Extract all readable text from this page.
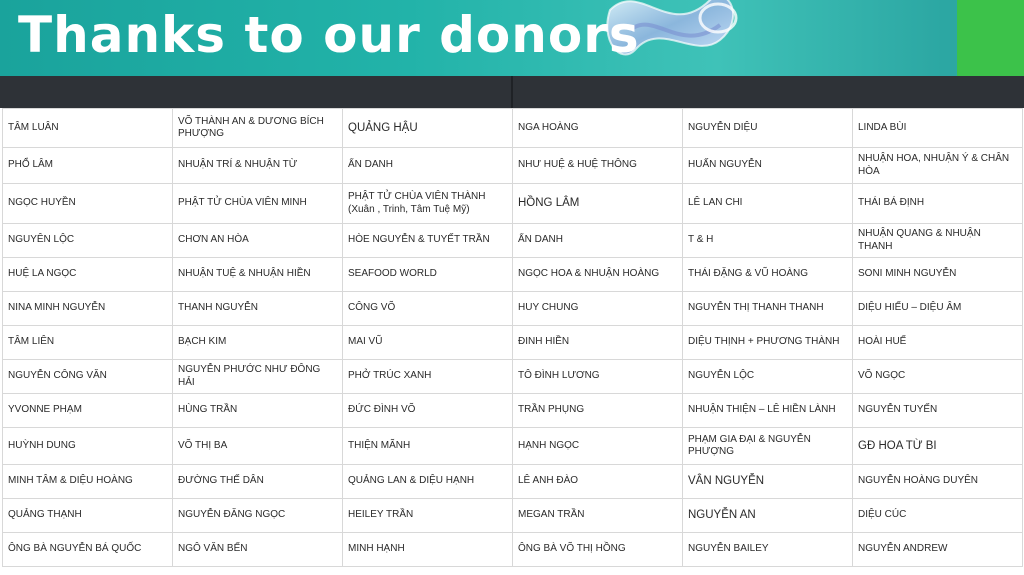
Thanks to our donors
TÂM LUÂN	VÕ THÀNH AN & DƯƠNG BÍCH PHƯỢNG	QUẢNG HẬU	NGA HOÀNG	NGUYỄN DIỆU	LINDA BÙI
PHỔ LÂM	NHUẬN TRÍ & NHUẬN TỪ	ẨN DANH	NHƯ HUỆ & HUỆ THÔNG	HUẤN NGUYỄN	NHUẬN HOA, NHUẬN Ý & CHÂN HÒA
NGỌC HUYỀN	PHẬT TỬ CHÙA VIÊN MINH	PHẬT TỬ CHÙA VIÊN THÀNH (Xuân , Trinh, Tâm Tuệ Mỹ)	HỒNG LÂM	LÊ LAN CHI	THÁI BÁ ĐỊNH
NGUYÊN LỘC	CHƠN AN HÒA	HÒE NGUYỄN & TUYẾT TRẦN	ẨN DANH	T & H	NHUẬN QUANG & NHUẬN THANH
HUỆ LA NGỌC	NHUẬN TUỆ & NHUẬN HIỀN	SEAFOOD WORLD	NGỌC HOA & NHUẬN HOÀNG	THÁI ĐẶNG & VŨ HOÀNG	SONI MINH NGUYỄN
NINA MINH NGUYỄN	THANH NGUYỄN	CÔNG VÕ	HUY CHUNG	NGUYỄN THỊ THANH THANH	DIỆU HIẾU – DIỆU ÂM
TÂM LIÊN	BẠCH KIM	MAI VŨ	ĐINH HIỀN	DIỆU THỊNH + PHƯƠNG THÀNH	HOÀI HUẾ
NGUYỄN CÔNG VĂN	NGUYỄN PHƯỚC NHƯ ĐÔNG HẢI	PHỞ TRÚC XANH	TÔ ĐÌNH LƯƠNG	NGUYỄN LỘC	VÕ NGỌC
YVONNE PHẠM	HÙNG TRẦN	ĐỨC ĐÌNH VÕ	TRẦN PHỤNG	NHUẬN THIỆN – LÊ HIỀN LÀNH	NGUYỄN TUYẾN
HUỲNH DUNG	VÕ THỊ BA	THIỆN MÃNH	HẠNH NGỌC	PHẠM GIA ĐẠI & NGUYỄN PHƯỢNG	GĐ HOA TỪ BI
MINH TÂM & DIỆU HOÀNG	ĐƯỜNG THẾ DÂN	QUẢNG LAN & DIỆU HẠNH	LÊ ANH ĐÀO	VÂN NGUYỄN	NGUYỄN HOÀNG DUYÊN
QUẢNG THẠNH	NGUYỄN ĐĂNG NGỌC	HEILEY TRẦN	MEGAN TRẦN	NGUYỄN AN	DIỆU CÚC
ÔNG BÀ NGUYỄN BÁ QUỐC	NGÔ VĂN BẾN	MINH HẠNH	ÔNG BÀ VÕ THỊ HỒNG	NGUYỄN BAILEY	NGUYỄN ANDREW
